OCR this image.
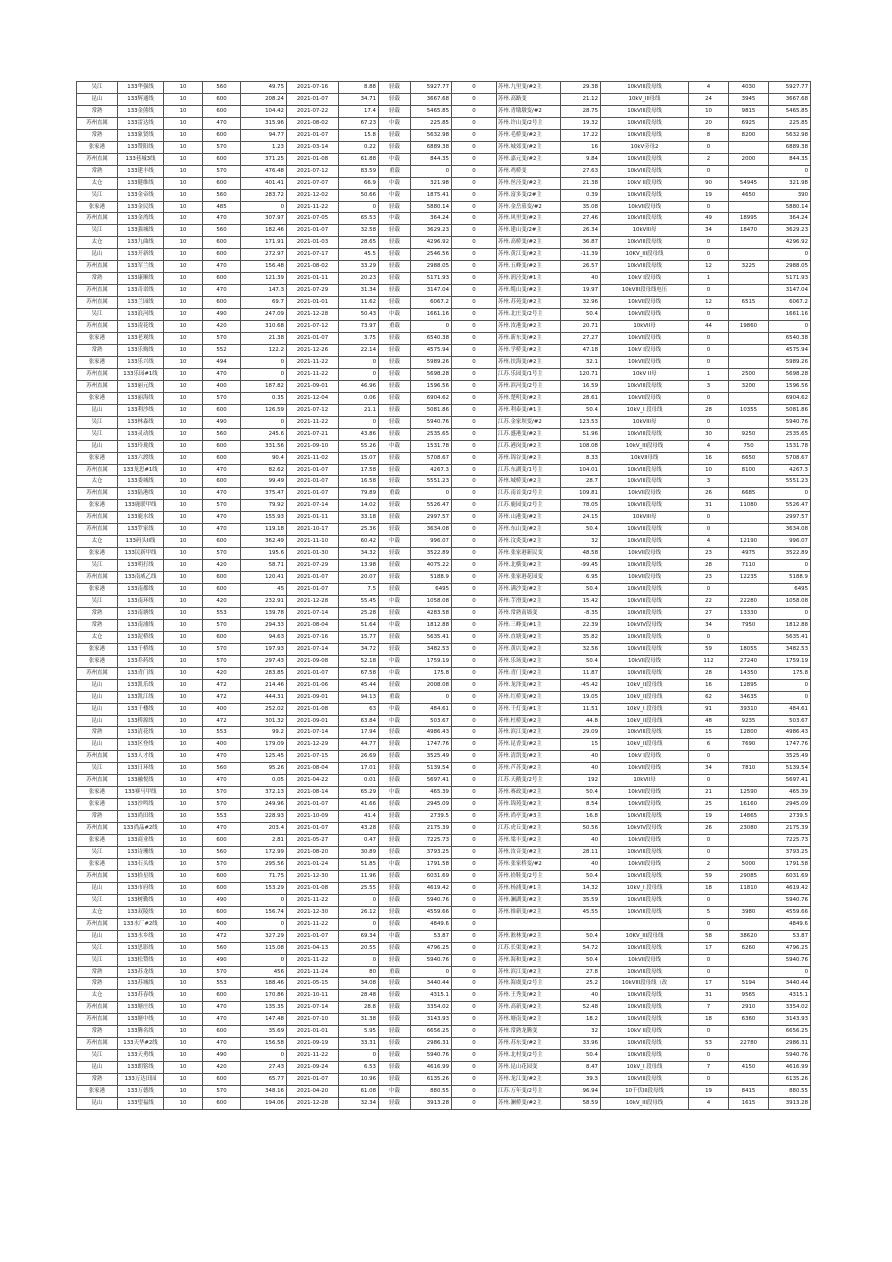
吴江	133华强线	10	560	49.75	2021-07-16	8.88	轻载	5927.77	0	苏州.九里变/#2主	29.38	10kVIII段母线	4	4030	5927.77
昆山	133辉通线	10	600	208.24	2021-01-07	34.71	轻载	3667.68	0	苏州.高路变	21.12	10kV_III母线	24	3945	3667.68
常熟	133金熊线	10	600	104.42	2021-07-22	17.4	轻载	5465.85	0	苏州.青墩墩变/#2	28.75	10kVIII段母线	10	9815	5465.85
苏州直属	133雷达线	10	470	315.96	2021-08-02	67.23	中载	225.85	0	苏州.许山变/2号主	19.32	10kVIII段母线	20	6925	225.85
常熟	133象贤线	10	600	94.77	2021-01-07	15.8	轻载	5632.98	0	苏州.毛桥变/#2主	17.22	10kVIII段母线	8	8200	5632.98
张家港	133赞阳线	10	570	1.23	2021-03-14	0.22	轻载	6889.38	0	苏州.城郊变/#2主	16	10kV旁母2	0		6889.38
苏州直属	133巷城3线	10	600	371.25	2021-01-08	61.88	中载	844.35	0	苏州.嘉元变/#2主	9.84	10kVIII段母线	2	2000	844.35
常熟	133建丰线	10	570	476.48	2021-07-12	83.59	重载	0	0	苏州.鸡桥变	27.63	10kVIII段母线	0		0
太仓	133健维线	10	600	401.41	2021-07-07	66.9	中载	321.98	0	苏州.丝泾变/#2主	21.38	10kV II段母线	90	54945	321.98
吴江	133金帝线	10	560	283.72	2021-12-02	50.66	中载	1875.41	0	苏州.富多变/2#主	0.39	10kVIII段母线	19	4650	390
张家港	133金民线	10	485	0	2021-11-22	0	轻载	5880.14	0	苏州.金岳墓变/#2	35.08	10kVII段母线	0		5880.14
苏州直属	133金湾线	10	470	307.97	2021-07-05	65.53	中载	364.24	0	苏州.风里变/#2主	27.46	10kVIII段母线	49	18995	364.24
吴江	133强城线	10	560	182.46	2021-01-07	32.58	轻载	3629.23	0	苏州.建山变/2#主	26.34	10kVIII母	34	18470	3629.23
太仓	133九曲线	10	600	171.91	2021-01-03	28.65	轻载	4296.92	0	苏州.高桥变/#2主	36.87	10kVIII段母线	0		4296.92
昆山	133开新线	10	600	272.97	2021-07-17	45.5	轻载	2546.56	0	苏州.黄江变/#2主	-11.39	10KV_III段母线	0		0
苏州直属	133军兰线	10	470	156.48	2021-08-02	33.29	轻载	2988.05	0	苏州.五峰变/#2主	26.57	10kVIII段母线	12	3225	2988.05
常熟	133康顺线	10	600	121.39	2021-01-11	20.23	轻载	5171.93	0	苏州.润泾变/#1主	40	10kV I段母线	1		5171.93
苏州直属	133奇诺线	10	470	147.3	2021-07-29	31.34	轻载	3147.04	0	苏州.缆山变/#2主	19.97	10kVIII段母线电压	0		3147.04
苏州直属	133兰园线	10	600	69.7	2021-01-01	11.62	轻载	6067.2	0	苏州.苏苑变/#2主	32.96	10kVII段母线	12	6515	6067.2
吴江	133浪河线	10	490	247.09	2021-12-28	50.43	中载	1661.16	0	苏州.北庄变/2号主	50.4	10kVII段母线	0		1661.16
苏州直属	133凌花线	10	420	310.68	2021-07-12	73.97	重载	0	0	苏州.汝港变/#2主	20.71	10kVII母	44	19860	0
张家港	133老观线	10	570	21.38	2021-01-07	3.75	轻载	6540.38	0	苏州.新东变/#2主	27.27	10kVII段母线	0		6540.38
常熟	133乐购线	10	552	122.2	2021-12-26	22.14	轻载	4575.94	0	苏州.学桥变/#2主	47.18	10kV I段母线	0		4575.94
张家港	133乐兴线	10	494	0	2021-11-22	0	轻载	5989.26	0	苏州.扶海变/#2主	32.1	10kVII段母线	0		5989.26
苏州直属	133乐园#1线	10	470	0	2021-11-22	0	轻载	5698.28	0	江苏.乐园变/1号主	120.71	10kV II母	1	2500	5698.28
苏州直属	133丽元线	10	400	187.82	2021-09-01	46.96	轻载	1596.56	0	苏州.滨河变/2号主	16.59	10kVIII段母线	3	3200	1596.56
张家港	133丽海线	10	570	0.35	2021-12-04	0.06	轻载	6904.62	0	苏州.楚明变/#2主	28.61	10kVII段母线	0		6904.62
昆山	133利沙线	10	600	126.59	2021-07-12	21.1	轻载	5081.86	0	苏州.利泰变/#1主	50.4	10kV_I 段母线	28	10355	5081.86
吴江	133林森线	10	490	0	2021-11-22	0	轻载	5940.76	0	江苏.金家坝变/#2	123.53	10kVIII母	0		5940.76
吴江	133灵动线	10	560	245.6	2021-07-21	43.86	轻载	2535.65	0	江苏.盛港变/#2主	51.96	10kVIII段母线	30	9250	2535.65
昆山	133玲珑线	10	600	331.56	2021-09-10	55.26	中载	1531.78	0	江苏.港岗变/#2主	108.08	10kV_III段母线	4	750	1531.78
张家港	133六渡线	10	600	90.4	2021-11-02	15.07	轻载	5708.67	0	苏州.锦谷变/#2主	8.33	10kVII母线	16	6650	5708.67
苏州直属	133龙思#1线	10	470	82.62	2021-01-07	17.58	轻载	4267.3	0	江苏.东湖变/1号主	104.01	10kVIII段母线	10	8100	4267.3
太仓	133娄城线	10	600	99.49	2021-01-07	16.58	轻载	5551.23	0	苏州.城桥变/#2主	28.7	10kVIII段母线	3		5551.23
苏州直属	133陆港线	10	470	375.47	2021-01-07	79.89	重载	0	0	江苏.南首变/2号主	109.81	10kVII段母线	26	6685	0
张家港	133鹿联甲线	10	570	79.92	2021-07-14	14.02	轻载	5526.47	0	江苏.鹿园变/2号主	78.05	10kVIII段母线	31	11080	5526.47
苏州直属	133鹿水线	10	470	155.93	2021-01-11	33.18	轻载	2997.57	0	苏州.山港变/#2主	24.15	10kVIII母	0		2997.57
苏州直属	133罗家线	10	470	119.18	2021-10-17	25.36	轻载	3634.08	0	苏州.东山变/#2主	50.4	10kVIII段母线	0		3634.08
太仓	133码头II线	10	600	362.49	2021-11-10	60.42	中载	996.07	0	苏州.汶炎变/#2主	32	10kVIII段母线	4	12190	996.07
张家港	133民新甲线	10	570	195.6	2021-01-30	34.32	轻载	3522.89	0	苏州.张家港新民变	48.58	10kVII段母线	23	4975	3522.89
吴江	133明打线	10	420	58.71	2021-07-29	13.98	轻载	4075.22	0	苏州.北横变/#2主	-99.45	10kVIII段母线	28	7110	0
苏州直属	133南威乙线	10	600	120.41	2021-01-07	20.07	轻载	5188.9	0	苏州.张家港花园变	6.95	10kVII段母线	23	12235	5188.9
张家港	133南都线	10	600	45	2021-01-07	7.5	轻载	6495	0	苏州.满沙变/#2主	50.4	10kVIII段母线	0		6495
吴江	133南环线	10	420	232.91	2021-12-28	55.45	中载	1058.08	0	苏州.芋滑变/#2主	15.42	10kVIII段母线	22	22280	1058.08
常熟	133南塘线	10	553	139.78	2021-07-14	25.28	轻载	4283.58	0	苏州.常熟南墙变	-8.35	10kVIII段母线	27	13330	0
常熟	133南浦线	10	570	294.33	2021-08-04	51.64	中载	1812.88	0	苏州.三峰变/#1主	22.39	10kVIV段母线	34	7950	1812.88
太仓	133泥桥线	10	600	94.63	2021-07-16	15.77	轻载	5635.41	0	苏州.直塘变/#2主	35.82	10kVIII段母线	0		5635.41
张家港	133千桥线	10	570	197.93	2021-07-14	34.72	轻载	3482.53	0	苏州.黄店变/#2主	32.56	10kVIII段母线	59	18055	3482.53
张家港	133乔药线	10	570	297.43	2021-09-08	52.18	中载	1759.19	0	苏州.乐场变/#2主	50.4	10kVII段母线	112	27240	1759.19
苏州直属	133青门线	10	420	283.85	2021-01-07	67.58	中载	175.8	0	苏州.青门变/#2主	11.87	10kVIII段母线	28	14350	175.8
昆山	133凯乐线	10	472	214.46	2021-01-06	45.44	轻载	2008.08	0	苏州.龙泽变/#2主	-45.42	10kV_II段母线	16	12895	0
昆山	133凯江线	10	472	444.31	2021-09-01	94.13	重载	0	0	苏州.红桥变/#2主	19.05	10kV_II段母线	62	34635	0
昆山	133千楼线	10	400	252.02	2021-01-08	63	中载	484.61	0	苏州.千灯变/#1主	11.51	10kV_I 段母线	91	39310	484.61
昆山	133桥源线	10	472	301.32	2021-09-01	63.84	中载	503.67	0	苏州.杜桥变/#2主	44.8	10kV_II段母线	48	9235	503.67
常熟	133清花线	10	553	99.2	2021-07-14	17.94	轻载	4986.43	0	苏州.滨江变/#2主	29.09	10kVIII段母线	15	12800	4986.43
昆山	133区登线	10	400	179.09	2021-12-29	44.77	轻载	1747.76	0	苏州.昆香变/#2主	15	10kV_II段母线	6	7690	1747.76
苏州直属	133人才线	10	470	125.45	2021-07-15	26.69	轻载	3525.49	0	苏州.清凯变/#2主	40	10kV I段母线	0		3525.49
吴江	133日环线	10	560	95.26	2021-08-04	17.01	轻载	5139.54	0	苏州.芦苏变/#2主	40	10kVII段母线	34	7810	5139.54
苏州直属	133融悦线	10	470	0.05	2021-04-22	0.01	轻载	5697.41	0	江苏.天鹅变/2号主	192	10kVII母	0		5697.41
张家港	133赛马甲线	10	570	372.13	2021-08-14	65.29	中载	465.39	0	苏州.赛政变/#2主	50.4	10kVII段母线	21	12590	465.39
张家港	133沙鸣线	10	570	249.96	2021-01-07	41.66	轻载	2945.09	0	苏州.锦苑变/#2主	8.54	10kVII段母线	25	16160	2945.09
常熟	133尚田线	10	553	228.93	2021-10-09	41.4	轻载	2739.5	0	苏州.尚亭变/#3主	16.8	10kVIII段母线	19	14865	2739.5
苏州直属	133尚品#2线	10	470	203.4	2021-01-07	43.28	轻载	2175.39	0	江苏.虎丘变/#2主	50.56	10kVIV段母线	26	23080	2175.39
张家港	133商业线	10	600	2.81	2021-05-27	0.47	轻载	7225.73	0	苏州.梁丰变/#2主	40	10kVII段母线	0		7225.73
吴江	133诗珊线	10	560	172.99	2021-08-20	30.89	轻载	3793.25	0	苏州.汝音变/#2主	28.11	10kVIII段母线	0		3793.25
张家港	133石头线	10	570	295.56	2021-01-24	51.85	中载	1791.58	0	苏州.张家桥变/#2	40	10kVII段母线	2	5000	1791.58
苏州直属	133拾星线	10	600	71.75	2021-12-30	11.96	轻载	6031.69	0	苏州.拾鞋变/2号主	50.4	10kVIII段母线	59	29085	6031.69
昆山	133市府线	10	600	153.29	2021-01-08	25.55	轻载	4619.42	0	苏州.杨浦变/#1主	14.32	10kV_I 段母线	18	11810	4619.42
吴江	133树勤线	10	490	0	2021-11-22	0	轻载	5940.76	0	苏州.澜湖变/#2主	35.59	10kVIII段母线	0		5940.76
太仓	133双陵线	10	600	156.74	2021-12-30	26.12	轻载	4559.66	0	苏州.推新变/#2主	45.55	10kVIII段母线	5	3980	4559.66
苏州直属	133水厂#2线	10	400	0	2021-11-22	0	轻载	4849.6	0				0		4849.6
昆山	133水乡线	10	472	327.29	2021-01-07	69.34	中载	53.87	0	苏州.淞林变/#2主	50.4	10KV_III段母线	58	38620	53.87
吴江	133思影线	10	560	115.08	2021-04-13	20.55	轻载	4796.25	0	江苏.长渠变/#2主	54.72	10kVIII段母线	17	6260	4796.25
吴江	133松赞线	10	490	0	2021-11-22	0	轻载	5940.76	0	苏州.海和变/#2主	50.4	10kVII段母线	0		5940.76
常熟	133苏龙线	10	570	456	2021-11-24	80	重载	0	0	苏州.滨江变/#2主	27.8	10kVIII段母线	0		0
常熟	133苏城线	10	553	188.46	2021-05-15	34.08	轻载	3440.44	0	苏州.海虞变/2号主	25.2	10kVIII段母线（改	17	5194	3440.44
太仓	133苏春线	10	600	170.86	2021-10-11	28.48	轻载	4315.1	0	苏州.王秀变/#2主	40	10kVIII段母线	31	9565	4315.1
苏州直属	133塘庄线	10	470	135.35	2021-07-14	28.8	轻载	3354.02	0	苏州.高新变/#2主	52.48	10kVIII段母线	7	2910	3354.02
苏州直属	133塘中线	10	470	147.48	2021-07-10	31.38	轻载	3143.93	0	苏州.塘南变/#2主	18.2	10kVIII段母线	18	6360	3143.93
常熟	133腾名线	10	600	35.69	2021-01-01	5.95	轻载	6656.25	0	苏州.常熟龙腾变	32	10kV II段母线	0		6656.25
苏州直属	133天华#2线	10	470	156.58	2021-09-19	33.31	轻载	2986.31	0	苏州.苏东变/#2主	33.96	10kVIII段母线	53	22780	2986.31
吴江	133天勇线	10	490	0	2021-11-22	0	轻载	5940.76	0	苏州.北村变/2号主	50.4	10kVIII段母线	0		5940.76
昆山	133朗铭线	10	420	27.43	2021-09-24	6.53	轻载	4616.99	0	苏州.昆山花园变	8.47	10kV_I 段母线	7	4150	4616.99
常熟	133万达田园	10	600	65.77	2021-01-07	10.96	轻载	6135.26	0	苏州.龙江变/#2主	39.3	10kVIII段母线	0		6135.26
张家港	133万德线	10	570	348.16	2021-04-20	61.08	中载	880.55	0	江苏.万年变/2号主	96.94	10千伏III段母线	19	8415	880.55
昆山	133望福线	10	600	194.06	2021-12-28	32.34	轻载	3913.28	0	苏州.澜桥变/#2主	58.59	10kV_III段母线	4	1615	3913.28
